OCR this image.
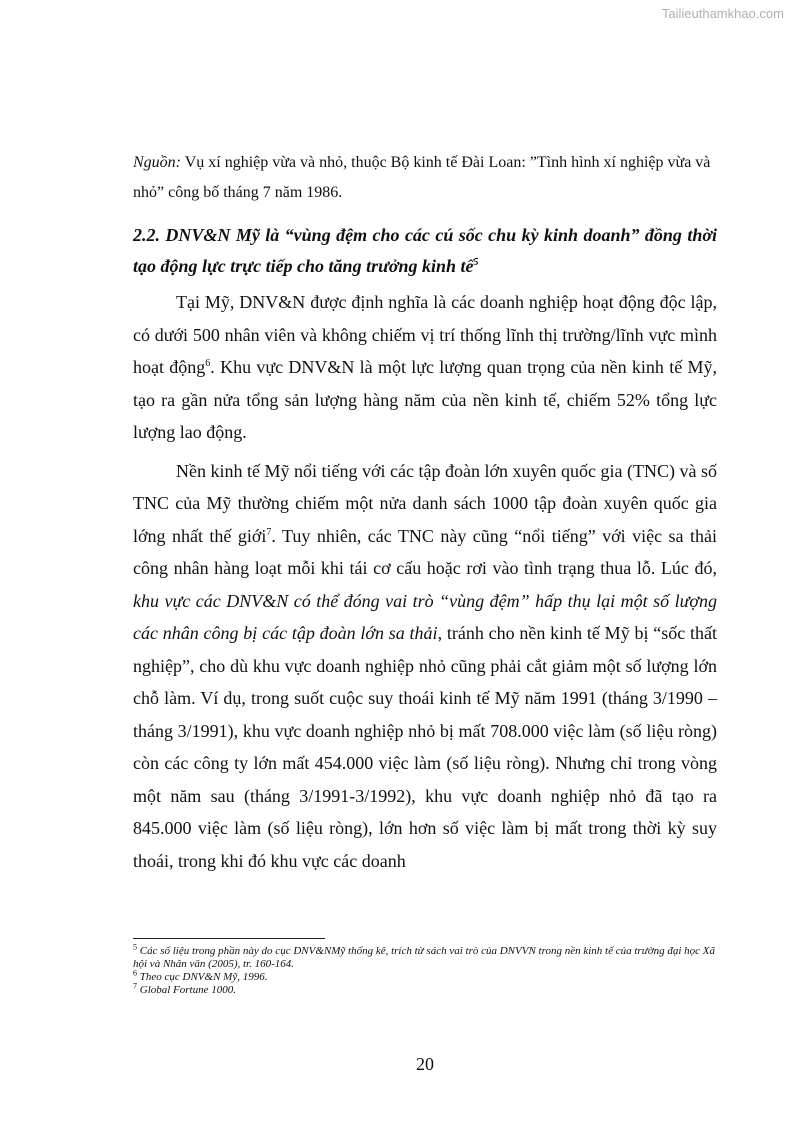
Tailieuthamkhao.com

Nguồn: Vụ xí nghiệp vừa và nhỏ, thuộc Bộ kinh tế Đài Loan: ”Tình hình xí nghiệp vừa và nhỏ” công bố tháng 7 năm 1986.

2.2. DNV&N Mỹ là “vùng đệm cho các cú sốc chu kỳ kinh doanh” đồng thời tạo động lực trực tiếp cho tăng trưởng kinh tế$^5$

Tại Mỹ, DNV&N được định nghĩa là các doanh nghiệp hoạt động độc lập, có dưới 500 nhân viên và không chiếm vị trí thống lĩnh thị trường/lĩnh vực mình hoạt động$^6$. Khu vực DNV&N là một lực lượng quan trọng của nền kinh tế Mỹ, tạo ra gần nửa tổng sản lượng hàng năm của nền kinh tế, chiếm 52% tổng lực lượng lao động.

Nền kinh tế Mỹ nổi tiếng với các tập đoàn lớn xuyên quốc gia (TNC) và số TNC của Mỹ thường chiếm một nửa danh sách 1000 tập đoàn xuyên quốc gia lớng nhất thế giới$^7$. Tuy nhiên, các TNC này cũng “nổi tiếng” với việc sa thải công nhân hàng loạt mỗi khi tái cơ cấu hoặc rơi vào tình trạng thua lỗ. Lúc đó, khu vực các DNV&N có thể đóng vai trò “vùng đệm” hấp thụ lại một số lượng các nhân công bị các tập đoàn lớn sa thải, tránh cho nền kinh tế Mỹ bị “sốc thất nghiệp”, cho dù khu vực doanh nghiệp nhỏ cũng phải cắt giảm một số lượng lớn chỗ làm. Ví dụ, trong suốt cuộc suy thoái kinh tế Mỹ năm 1991 (tháng 3/1990 – tháng 3/1991), khu vực doanh nghiệp nhỏ bị mất 708.000 việc làm (số liệu ròng) còn các công ty lớn mất 454.000 việc làm (số liệu ròng). Nhưng chỉ trong vòng một năm sau (tháng 3/1991-3/1992), khu vực doanh nghiệp nhỏ đã tạo ra 845.000 việc làm (số liệu ròng), lớn hơn số việc làm bị mất trong thời kỳ suy thoái, trong khi đó khu vực các doanh

$^5$ Các số liệu trong phần này do cục DNV&NMỹ thống kê, trích từ sách vai trò của DNVVN trong nền kinh tế của trường đại học Xã hội và Nhân văn (2005), tr. 160-164.

$^6$ Theo cục DNV&N Mỹ, 1996.

$^7$ Global Fortune 1000.

20
